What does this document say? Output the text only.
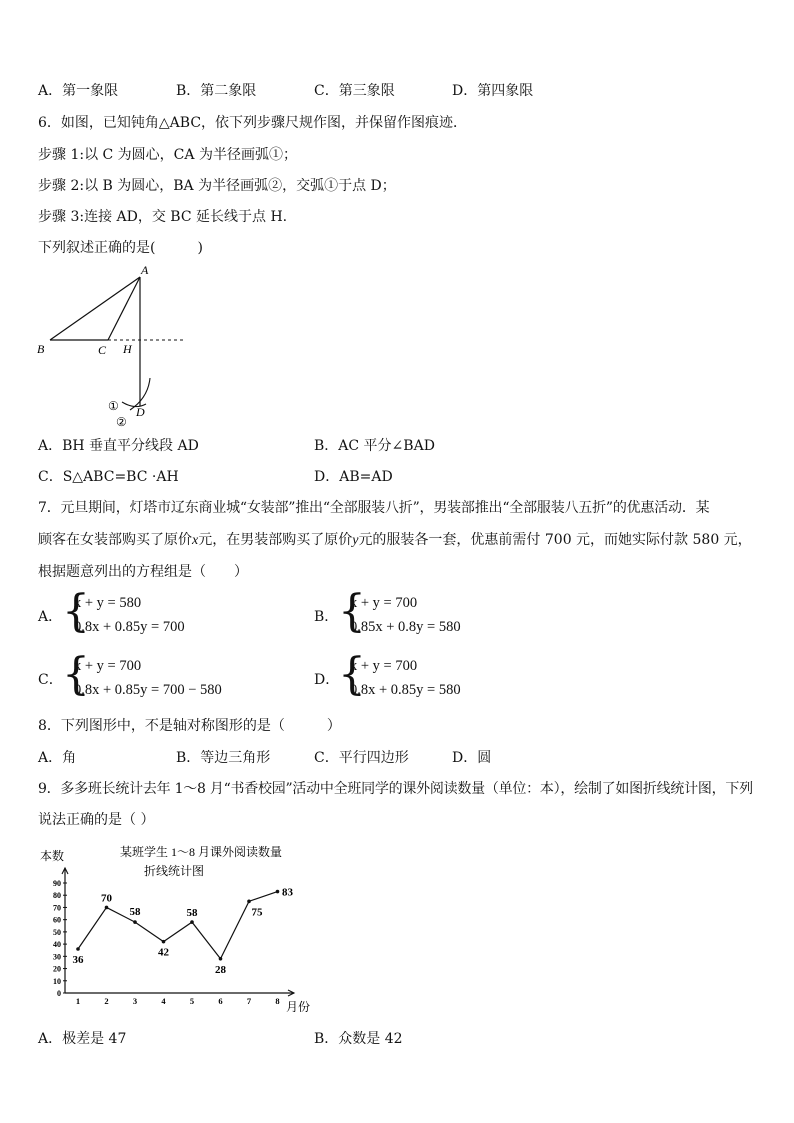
A．第一象限	B．第二象限	C．第三象限	D．第四象限
6．如图，已知钝角△ABC，依下列步骤尺规作图，并保留作图痕迹．
步骤 1:以 C 为圆心，CA 为半径画弧①；
步骤 2:以 B 为圆心，BA 为半径画弧②，交弧①于点 D；
步骤 3:连接 AD，交 BC 延长线于点 H.
下列叙述正确的是(　　　)
A
B	C H
D
①
②
A．BH 垂直平分线段 AD	B．AC 平分∠BAD
C．S△ABC=BC ·AH	D．AB=AD
7．元旦期间，灯塔市辽东商业城“女装部”推出“全部服装八折”，男装部推出“全部服装八五折”的优惠活动．某
顾客在女装部购买了原价x元，在男装部购买了原价y元的服装各一套，优惠前需付 700 元，而她实际付款 580 元，
根据题意列出的方程组是（　　）
A． {
x + y = 580
0.8x + 0.85y = 700
B． {
x + y = 700
0.85x + 0.8y = 580
C． {
x + y = 700
0.8x + 0.85y = 700 − 580
D．
{
x + y = 700
0.8x + 0.85y = 580
8．下列图形中，不是轴对称图形的是（　　　）
A．角	B．等边三角形	C．平行四边形	D．圆
9．多多班长统计去年 1～8 月“书香校园”活动中全班同学的课外阅读数量（单位：本），绘制了如图折线统计图，下列
说法正确的是（ ）
本数	某班学生 1～8 月课外阅读数量
折线统计图
月份
0
10
20
30
40
50
60
70
80
90
1	2	3	4	5	6	7	8
36
70
58
42
58
28
75
83
A．极差是 47	B．众数是 42
